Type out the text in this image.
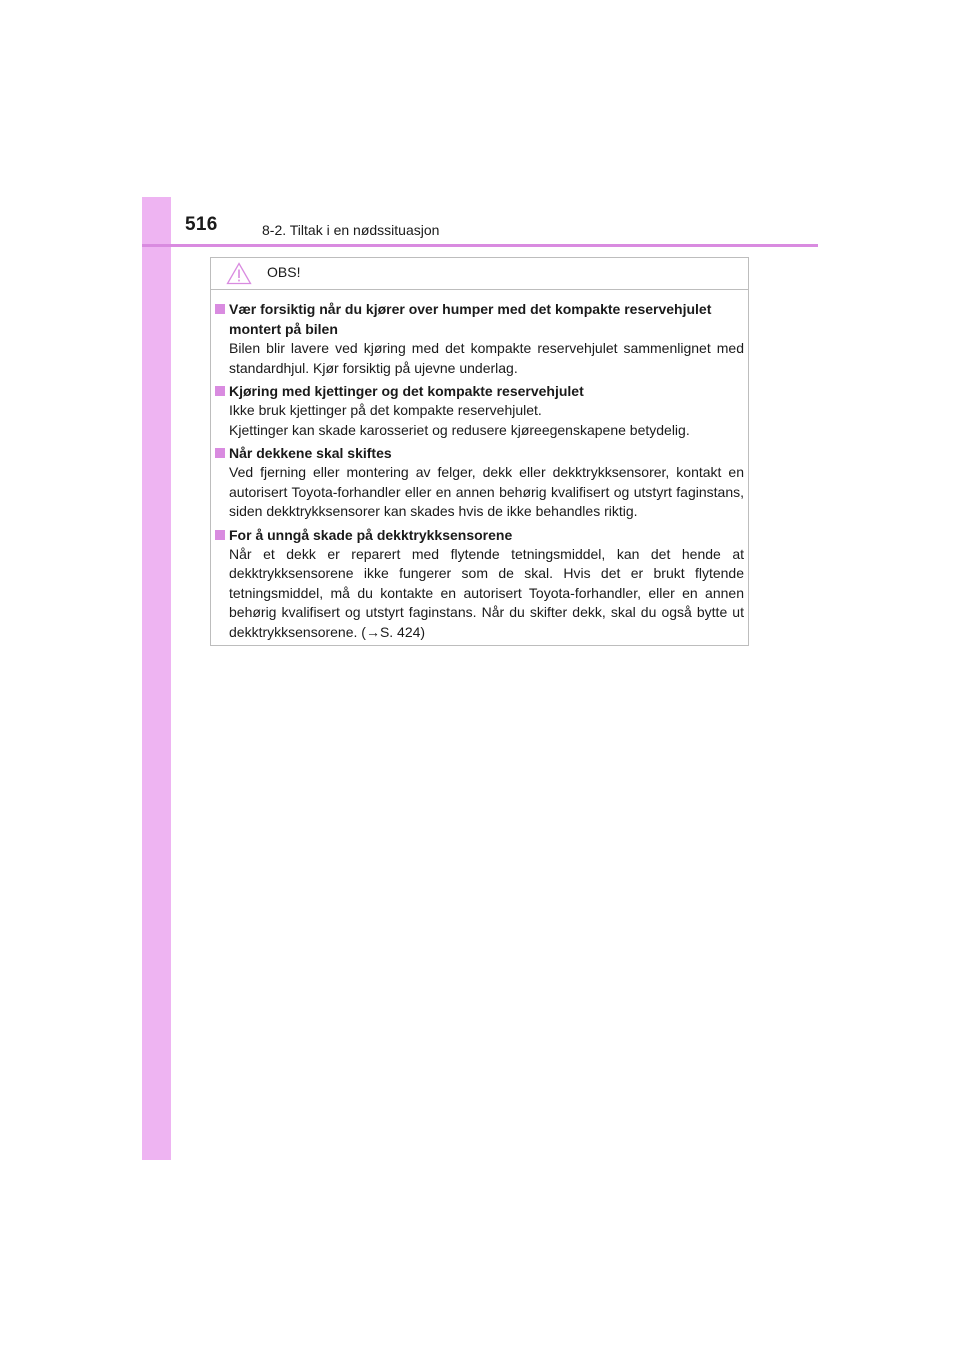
516	8-2. Tiltak i en nødssituasjon
OBS!
Vær forsiktig når du kjører over humper med det kompakte reservehjulet montert på bilen

Bilen blir lavere ved kjøring med det kompakte reservehjulet sammenlignet med standardhjul. Kjør forsiktig på ujevne underlag.

Kjøring med kjettinger og det kompakte reservehjulet

Ikke bruk kjettinger på det kompakte reservehjulet.

Kjettinger kan skade karosseriet og redusere kjøreegenskapene betydelig.

Når dekkene skal skiftes

Ved fjerning eller montering av felger, dekk eller dekktrykksensorer, kontakt en autorisert Toyota-forhandler eller en annen behørig kvalifisert og utstyrt faginstans, siden dekktrykksensorer kan skades hvis de ikke behandles riktig.

For å unngå skade på dekktrykksensorene

Når et dekk er reparert med flytende tetningsmiddel, kan det hende at dekktrykksensorene ikke fungerer som de skal. Hvis det er brukt flytende tetningsmiddel, må du kontakte en autorisert Toyota-forhandler, eller en annen behørig kvalifisert og utstyrt faginstans. Når du skifter dekk, skal du også bytte ut dekktrykksensorene. (→S. 424)
